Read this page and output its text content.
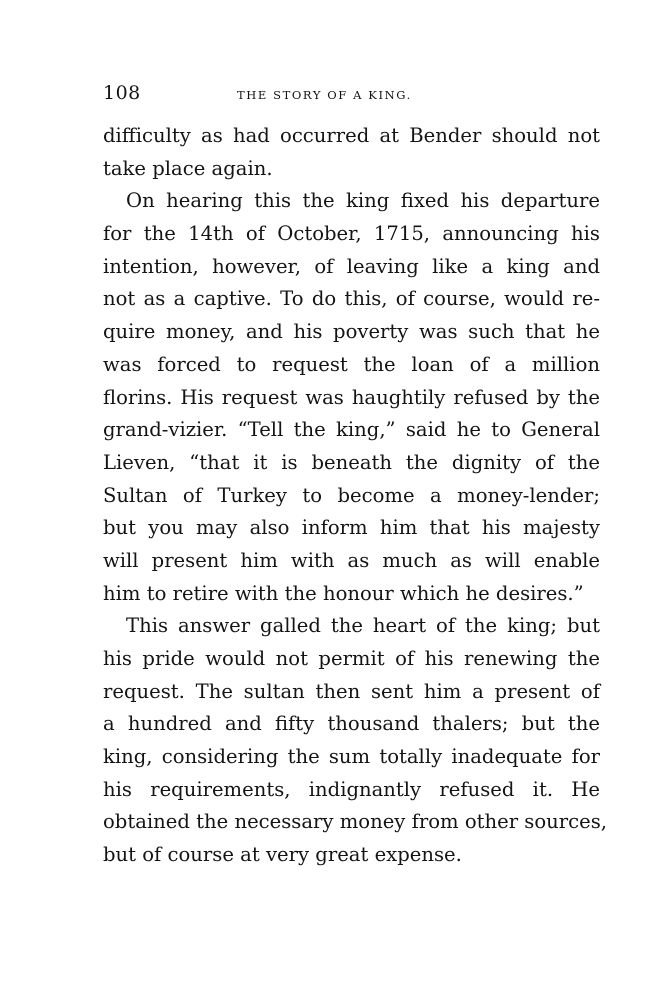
108	THE STORY OF A KING.
difficulty as had occurred at Bender should not
take place again.
On hearing this the king fixed his departure
for the 14th of October, 1715, announcing his
intention, however, of leaving like a king and
not as a captive. To do this, of course, would re-
quire money, and his poverty was such that he
was forced to request the loan of a million
florins. His request was haughtily refused by the
grand-vizier. “Tell the king,” said he to General
Lieven, “that it is beneath the dignity of the
Sultan of Turkey to become a money-lender;
but you may also inform him that his majesty
will present him with as much as will enable
him to retire with the honour which he desires.”
This answer galled the heart of the king; but
his pride would not permit of his renewing the
request. The sultan then sent him a present of
a hundred and fifty thousand thalers; but the
king, considering the sum totally inadequate for
his requirements, indignantly refused it. He
obtained the necessary money from other sources,
but of course at very great expense.
